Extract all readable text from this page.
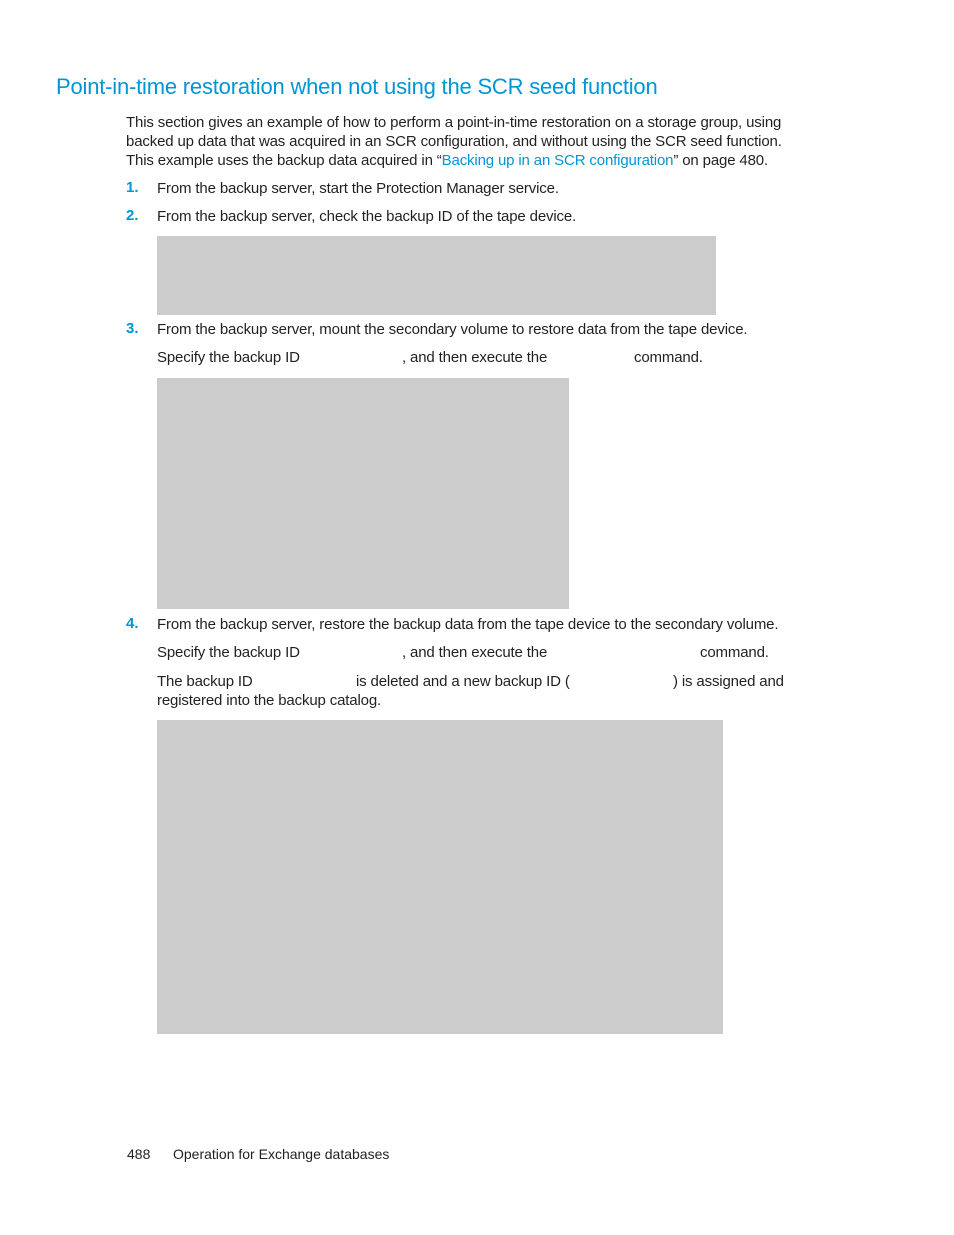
Point-in-time restoration when not using the SCR seed function
This section gives an example of how to perform a point-in-time restoration on a storage group, using
backed up data that was acquired in an SCR configuration, and without using the SCR seed function.
This example uses the backup data acquired in “Backing up in an SCR configuration” on page 480.
1. From the backup server, start the Protection Manager service.
2. From the backup server, check the backup ID of the tape device.
3. From the backup server, mount the secondary volume to restore data from the tape device.
Specify the backup ID	, and then execute the	command.
4. From the backup server, restore the backup data from the tape device to the secondary volume.
Specify the backup ID	, and then execute the	command.
The backup ID	is deleted and a new backup ID (	) is assigned and
registered into the backup catalog.
488 Operation for Exchange databases
